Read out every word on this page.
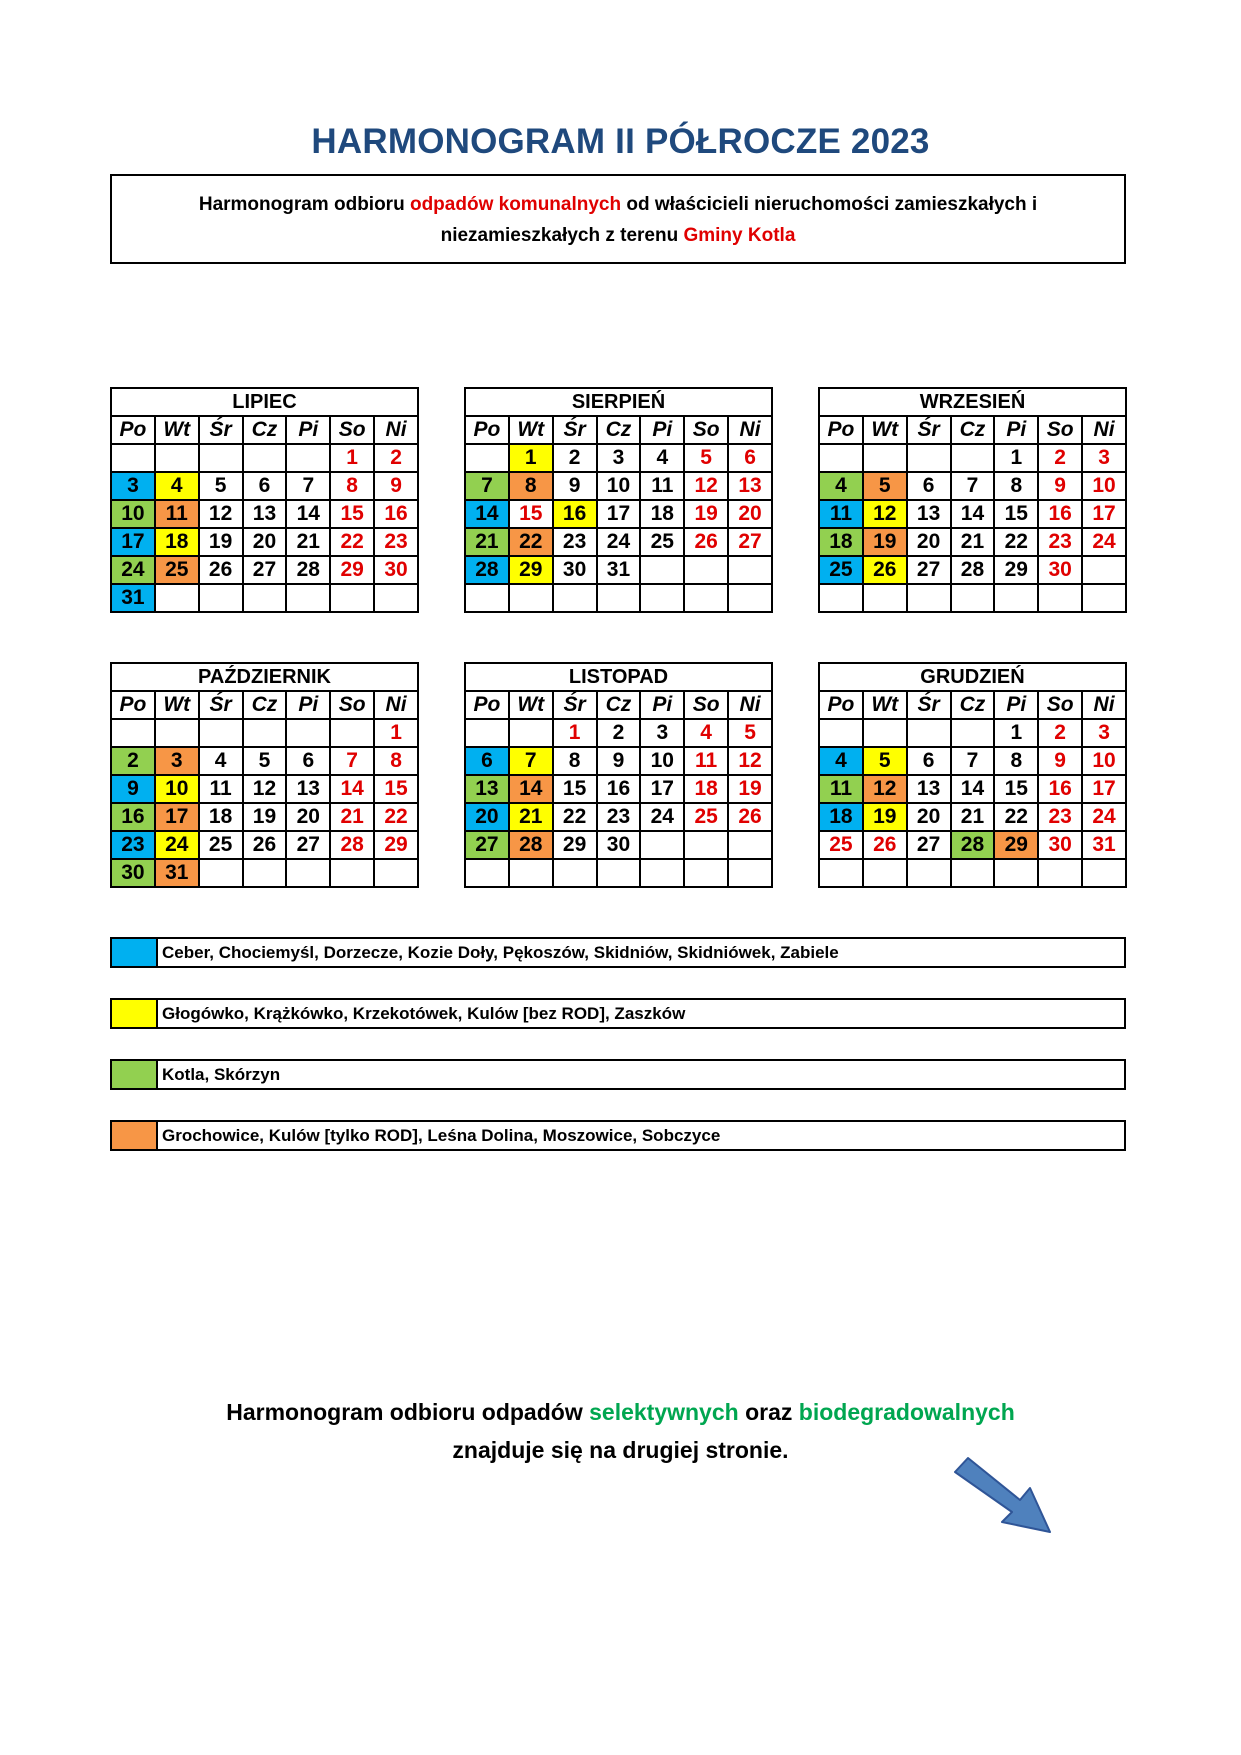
HARMONOGRAM II PÓŁROCZE 2023
Harmonogram odbioru odpadów komunalnych od właścicieli nieruchomości zamieszkałych i
niezamieszkałych z terenu Gminy Kotla
LIPIEC						
Po	Wt	Śr	Cz	Pi	So	Ni
					1	2
3	4	5	6	7	8	9
10	11	12	13	14	15	16
17	18	19	20	21	22	23
24	25	26	27	28	29	30
31						
SIERPIEŃ						
Po	Wt	Śr	Cz	Pi	So	Ni
	1	2	3	4	5	6
7	8	9	10	11	12	13
14	15	16	17	18	19	20
21	22	23	24	25	26	27
28	29	30	31			

WRZESIEŃ						
Po	Wt	Śr	Cz	Pi	So	Ni
				1	2	3
4	5	6	7	8	9	10
11	12	13	14	15	16	17
18	19	20	21	22	23	24
25	26	27	28	29	30	

PAŹDZIERNIK						
Po	Wt	Śr	Cz	Pi	So	Ni
						1
2	3	4	5	6	7	8
9	10	11	12	13	14	15
16	17	18	19	20	21	22
23	24	25	26	27	28	29
30	31					
LISTOPAD						
Po	Wt	Śr	Cz	Pi	So	Ni
		1	2	3	4	5
6	7	8	9	10	11	12
13	14	15	16	17	18	19
20	21	22	23	24	25	26
27	28	29	30			

GRUDZIEŃ						
Po	Wt	Śr	Cz	Pi	So	Ni
				1	2	3
4	5	6	7	8	9	10
11	12	13	14	15	16	17
18	19	20	21	22	23	24
25	26	27	28	29	30	31

Ceber, Chociemyśl, Dorzecze, Kozie Doły, Pękoszów, Skidniów, Skidniówek, Zabiele
Głogówko, Krążkówko, Krzekotówek, Kulów [bez ROD], Zaszków
Kotla, Skórzyn
Grochowice, Kulów [tylko ROD], Leśna Dolina, Moszowice, Sobczyce
Harmonogram odbioru odpadów selektywnych oraz biodegradowalnych
znajduje się na drugiej stronie.
